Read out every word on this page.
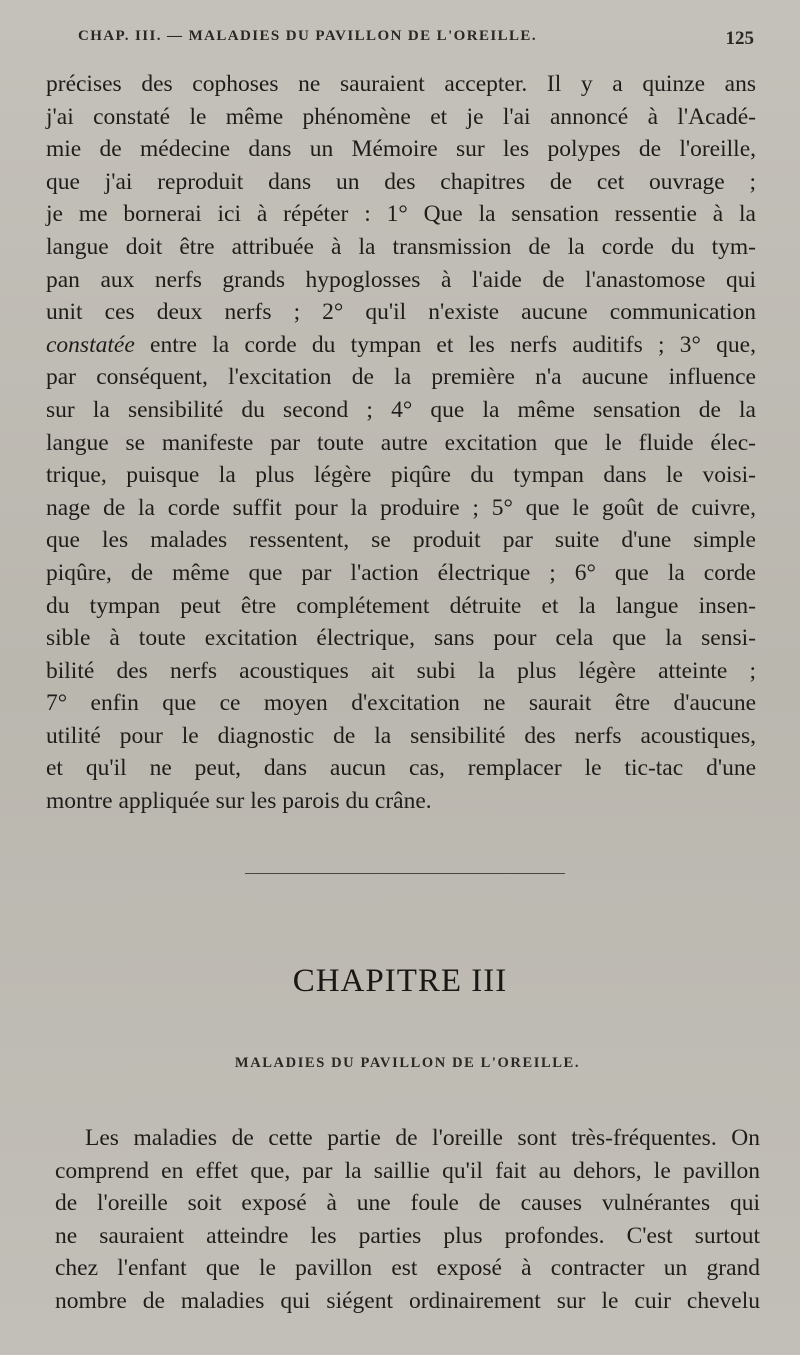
CHAP. III. — MALADIES DU PAVILLON DE L'OREILLE.	125
précises des cophoses ne sauraient accepter. Il y a quinze ans
j'ai constaté le même phénomène et je l'ai annoncé à l'Acadé-
mie de médecine dans un Mémoire sur les polypes de l'oreille,
que j'ai reproduit dans un des chapitres de cet ouvrage ;
je me bornerai ici à répéter : 1° Que la sensation ressentie à la
langue doit être attribuée à la transmission de la corde du tym-
pan aux nerfs grands hypoglosses à l'aide de l'anastomose qui
unit ces deux nerfs ; 2° qu'il n'existe aucune communication
constatée entre la corde du tympan et les nerfs auditifs ; 3° que,
par conséquent, l'excitation de la première n'a aucune influence
sur la sensibilité du second ; 4° que la même sensation de la
langue se manifeste par toute autre excitation que le fluide élec-
trique, puisque la plus légère piqûre du tympan dans le voisi-
nage de la corde suffit pour la produire ; 5° que le goût de cuivre,
que les malades ressentent, se produit par suite d'une simple
piqûre, de même que par l'action électrique ; 6° que la corde
du tympan peut être complétement détruite et la langue insen-
sible à toute excitation électrique, sans pour cela que la sensi-
bilité des nerfs acoustiques ait subi la plus légère atteinte ;
7° enfin que ce moyen d'excitation ne saurait être d'aucune
utilité pour le diagnostic de la sensibilité des nerfs acoustiques,
et qu'il ne peut, dans aucun cas, remplacer le tic-tac d'une
montre appliquée sur les parois du crâne.
CHAPITRE III
MALADIES DU PAVILLON DE L'OREILLE.
Les maladies de cette partie de l'oreille sont très-fréquentes. On
comprend en effet que, par la saillie qu'il fait au dehors, le pavillon
de l'oreille soit exposé à une foule de causes vulnérantes qui
ne sauraient atteindre les parties plus profondes. C'est surtout
chez l'enfant que le pavillon est exposé à contracter un grand
nombre de maladies qui siégent ordinairement sur le cuir chevelu
